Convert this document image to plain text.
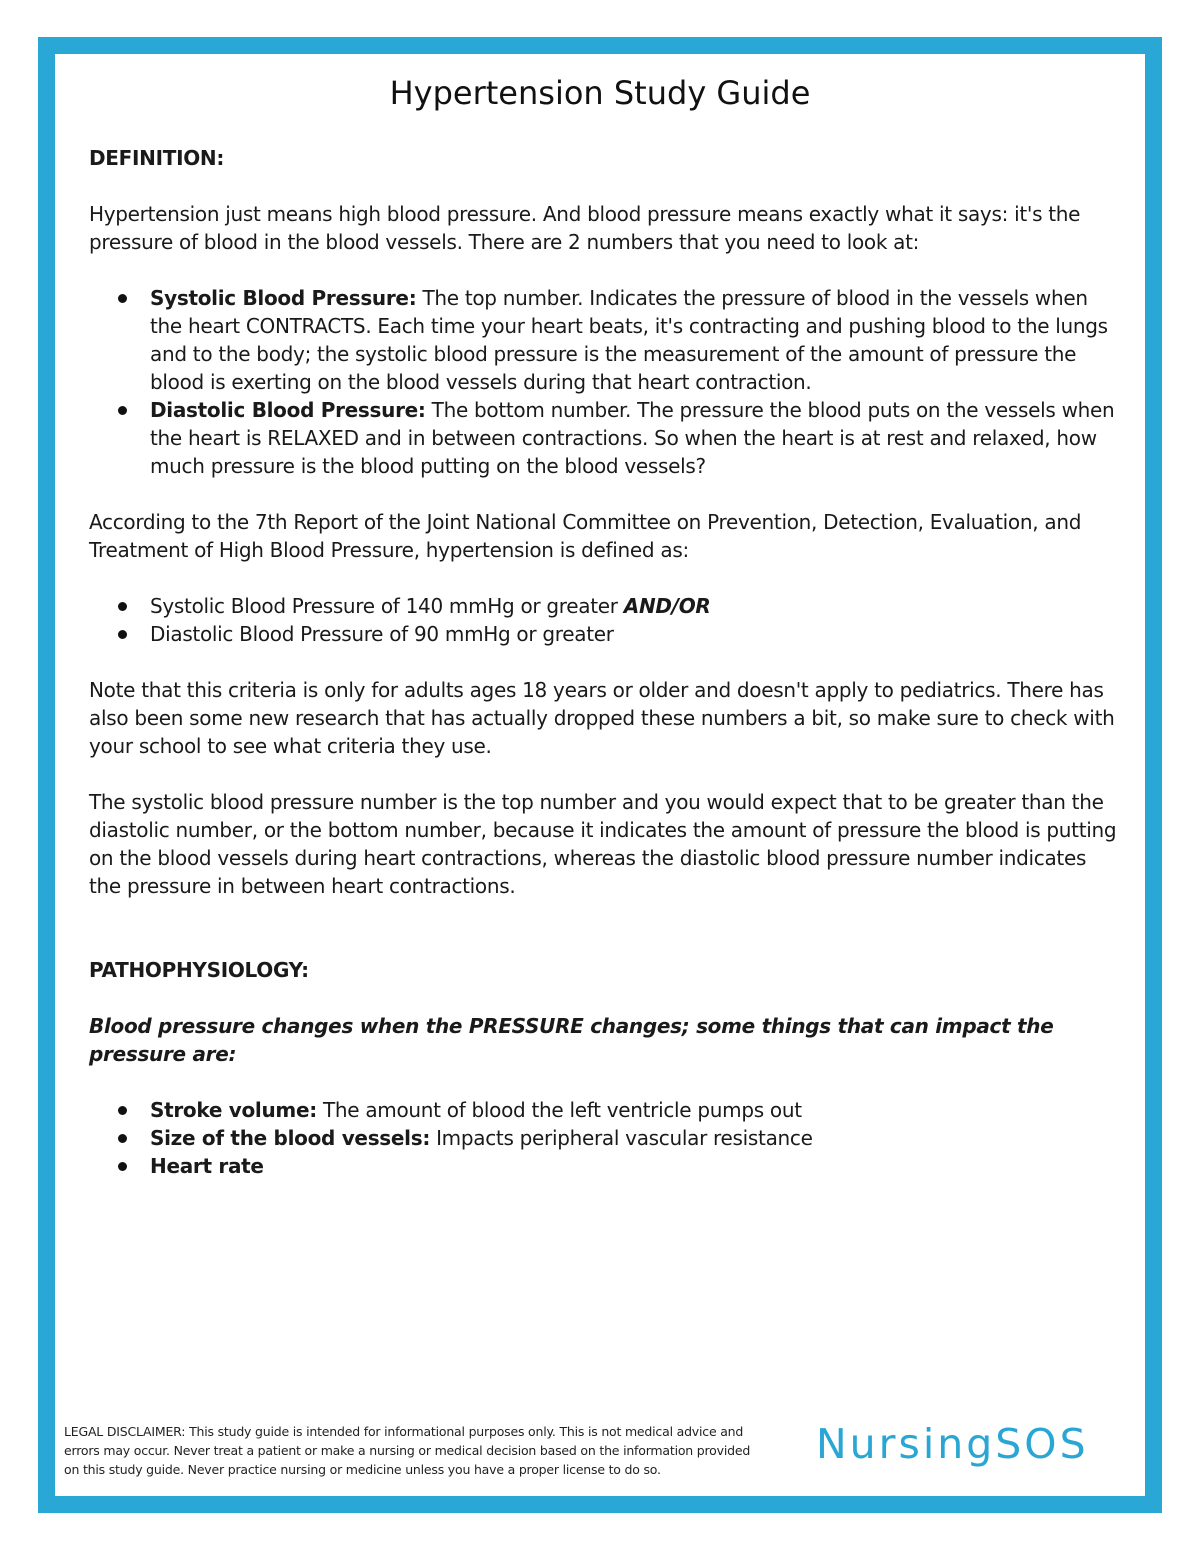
Hypertension Study Guide

DEFINITION:

Hypertension just means high blood pressure. And blood pressure means exactly what it says: it's the pressure of blood in the blood vessels. There are 2 numbers that you need to look at:

Systolic Blood Pressure: The top number. Indicates the pressure of blood in the vessels when the heart CONTRACTS. Each time your heart beats, it's contracting and pushing blood to the lungs and to the body; the systolic blood pressure is the measurement of the amount of pressure the blood is exerting on the blood vessels during that heart contraction.
Diastolic Blood Pressure: The bottom number. The pressure the blood puts on the vessels when the heart is RELAXED and in between contractions. So when the heart is at rest and relaxed, how much pressure is the blood putting on the blood vessels?

According to the 7th Report of the Joint National Committee on Prevention, Detection, Evaluation, and Treatment of High Blood Pressure, hypertension is defined as:

Systolic Blood Pressure of 140 mmHg or greater AND/OR
Diastolic Blood Pressure of 90 mmHg or greater

Note that this criteria is only for adults ages 18 years or older and doesn't apply to pediatrics. There has also been some new research that has actually dropped these numbers a bit, so make sure to check with your school to see what criteria they use.

The systolic blood pressure number is the top number and you would expect that to be greater than the diastolic number, or the bottom number, because it indicates the amount of pressure the blood is putting on the blood vessels during heart contractions, whereas the diastolic blood pressure number indicates the pressure in between heart contractions.

PATHOPHYSIOLOGY:

Blood pressure changes when the PRESSURE changes; some things that can impact the pressure are:

Stroke volume: The amount of blood the left ventricle pumps out
Size of the blood vessels: Impacts peripheral vascular resistance
Heart rate
LEGAL DISCLAIMER: This study guide is intended for informational purposes only. This is not medical advice and errors may occur. Never treat a patient or make a nursing or medical decision based on the information provided on this study guide. Never practice nursing or medicine unless you have a proper license to do so.
NursingSOS
